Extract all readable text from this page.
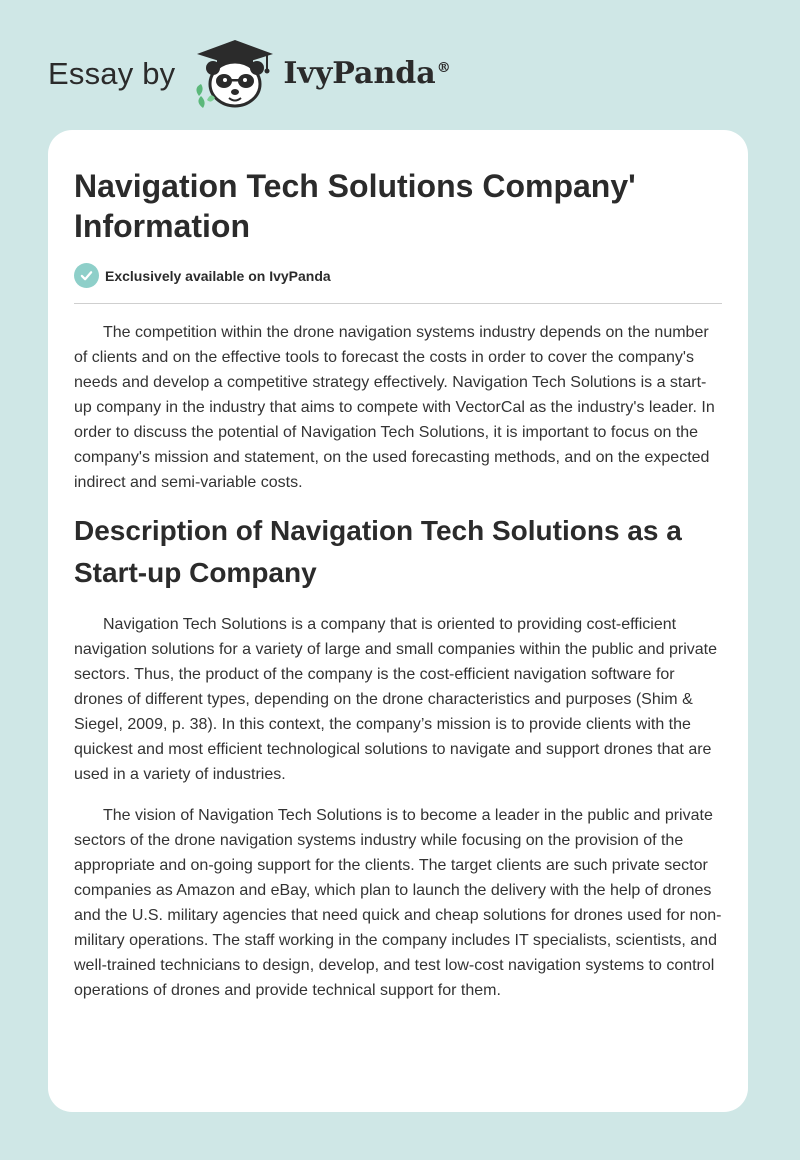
Essay by	IvyPanda®
Navigation Tech Solutions Company' Information
Exclusively available on IvyPanda

The competition within the drone navigation systems industry depends on the number of clients and on the effective tools to forecast the costs in order to cover the company's needs and develop a competitive strategy effectively. Navigation Tech Solutions is a start-up company in the industry that aims to compete with VectorCal as the industry's leader. In order to discuss the potential of Navigation Tech Solutions, it is important to focus on the company's mission and statement, on the used forecasting methods, and on the expected indirect and semi-variable costs.

Description of Navigation Tech Solutions as a Start-up Company

Navigation Tech Solutions is a company that is oriented to providing cost-efficient navigation solutions for a variety of large and small companies within the public and private sectors. Thus, the product of the company is the cost-efficient navigation software for drones of different types, depending on the drone characteristics and purposes (Shim & Siegel, 2009, p. 38). In this context, the company’s mission is to provide clients with the quickest and most efficient technological solutions to navigate and support drones that are used in a variety of industries.

The vision of Navigation Tech Solutions is to become a leader in the public and private sectors of the drone navigation systems industry while focusing on the provision of the appropriate and on-going support for the clients. The target clients are such private sector companies as Amazon and eBay, which plan to launch the delivery with the help of drones and the U.S. military agencies that need quick and cheap solutions for drones used for non-military operations. The staff working in the company includes IT specialists, scientists, and well-trained technicians to design, develop, and test low-cost navigation systems to control operations of drones and provide technical support for them.
